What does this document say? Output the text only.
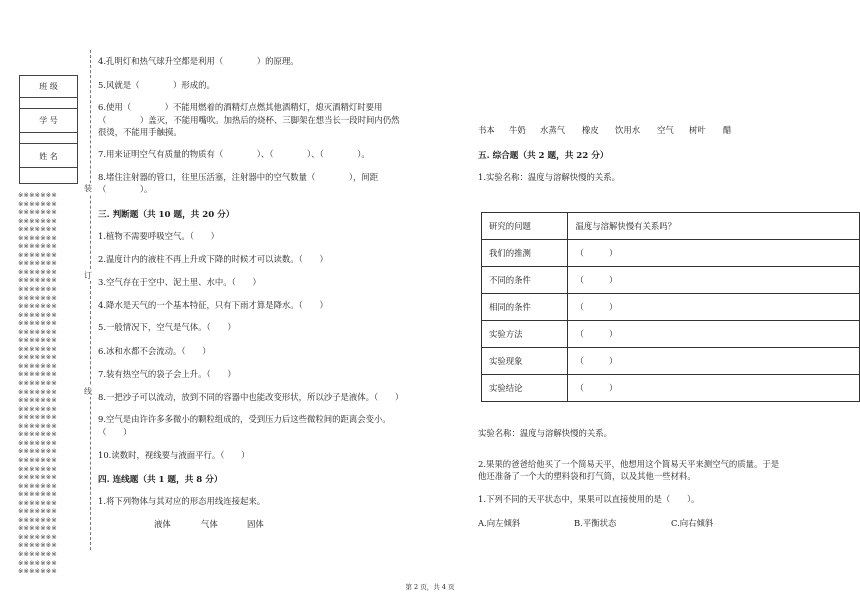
班 级
学 号
姓 名
※※※※※※※
※※※※※※※
※※※※※※※
※※※※※※※
※※※※※※※
※※※※※※※
※※※※※※※
※※※※※※※
※※※※※※※
※※※※※※※
※※※※※※※
※※※※※※※
※※※※※※※
※※※※※※※
※※※※※※※
※※※※※※※
※※※※※※※
※※※※※※※
※※※※※※※
※※※※※※※
※※※※※※※
※※※※※※※
※※※※※※※
※※※※※※※
※※※※※※※
※※※※※※※
※※※※※※※
※※※※※※※
※※※※※※※
※※※※※※※
※※※※※※※
※※※※※※※
※※※※※※※
※※※※※※※
※※※※※※※
※※※※※※※
※※※※※※※
※※※※※※※
※※※※※※※
※※※※※※※
※※※※※※※
※※※※※※※
※※※※※※※
※※※※※※※
※※※※※※※
装
订
线
4.孔明灯和热气球升空都是利用（　　　　）的原理。
5.风就是（　　　　）形成的。
6.使用（　　　　）不能用燃着的酒精灯点燃其他酒精灯，熄灭酒精灯时要用
（　　　　）盖灭，不能用嘴吹。加热后的烧杯、三脚架在想当长一段时间内仍然
很烫，不能用手触摸。
7.用来证明空气有质量的物质有（　　　　）、（　　　　）、（　　　　）。
8.堵住注射器的管口，往里压活塞，注射器中的空气数量（　　　　），间距
（　　　　）。
三. 判断题（共 10 题，共 20 分）
1.植物不需要呼吸空气。（　　）
2.温度计内的液柱不再上升或下降的时候才可以读数。（　　）
3.空气存在于空中、泥土里、水中。（　　）
4.降水是天气的一个基本特征，只有下雨才算是降水。（　　）
5.一般情况下，空气是气体。（　　）
6.冰和水都不会流动。（　　）
7.装有热空气的袋子会上升。（　　）
8.一把沙子可以流动，放到不同的容器中也能改变形状，所以沙子是液体。（　　）
9.空气是由许许多多微小的颗粒组成的，受到压力后这些微粒间的距离会变小。
（　　）
10.读数时，视线要与液面平行。（　　）
四. 连线题（共 1 题，共 8 分）
1.将下列物体与其对应的形态用线连接起来。
液体	气体	固体
书本 牛奶 水蒸气 橡皮 饮用水 空气 树叶 醋
五. 综合题（共 2 题，共 22 分）
1.实验名称：温度与溶解快慢的关系。
研究的问题	温度与溶解快慢有关系吗？
我们的推测	（　　　）
不同的条件	（　　　）
相同的条件	（　　　）
实验方法	（　　　）
实验现象	（　　　）
实验结论	（　　　）
实验名称：温度与溶解快慢的关系。
2.果果的爸爸给他买了一个简易天平，他想用这个简易天平来测空气的质量。于是
他还准备了一个大的塑料袋和打气筒，以及其他一些材料。
1.下列不同的天平状态中，果果可以直接使用的是（　　）。
A.向左倾斜	B.平衡状态	C.向右倾斜
第 2 页，共 4 页
